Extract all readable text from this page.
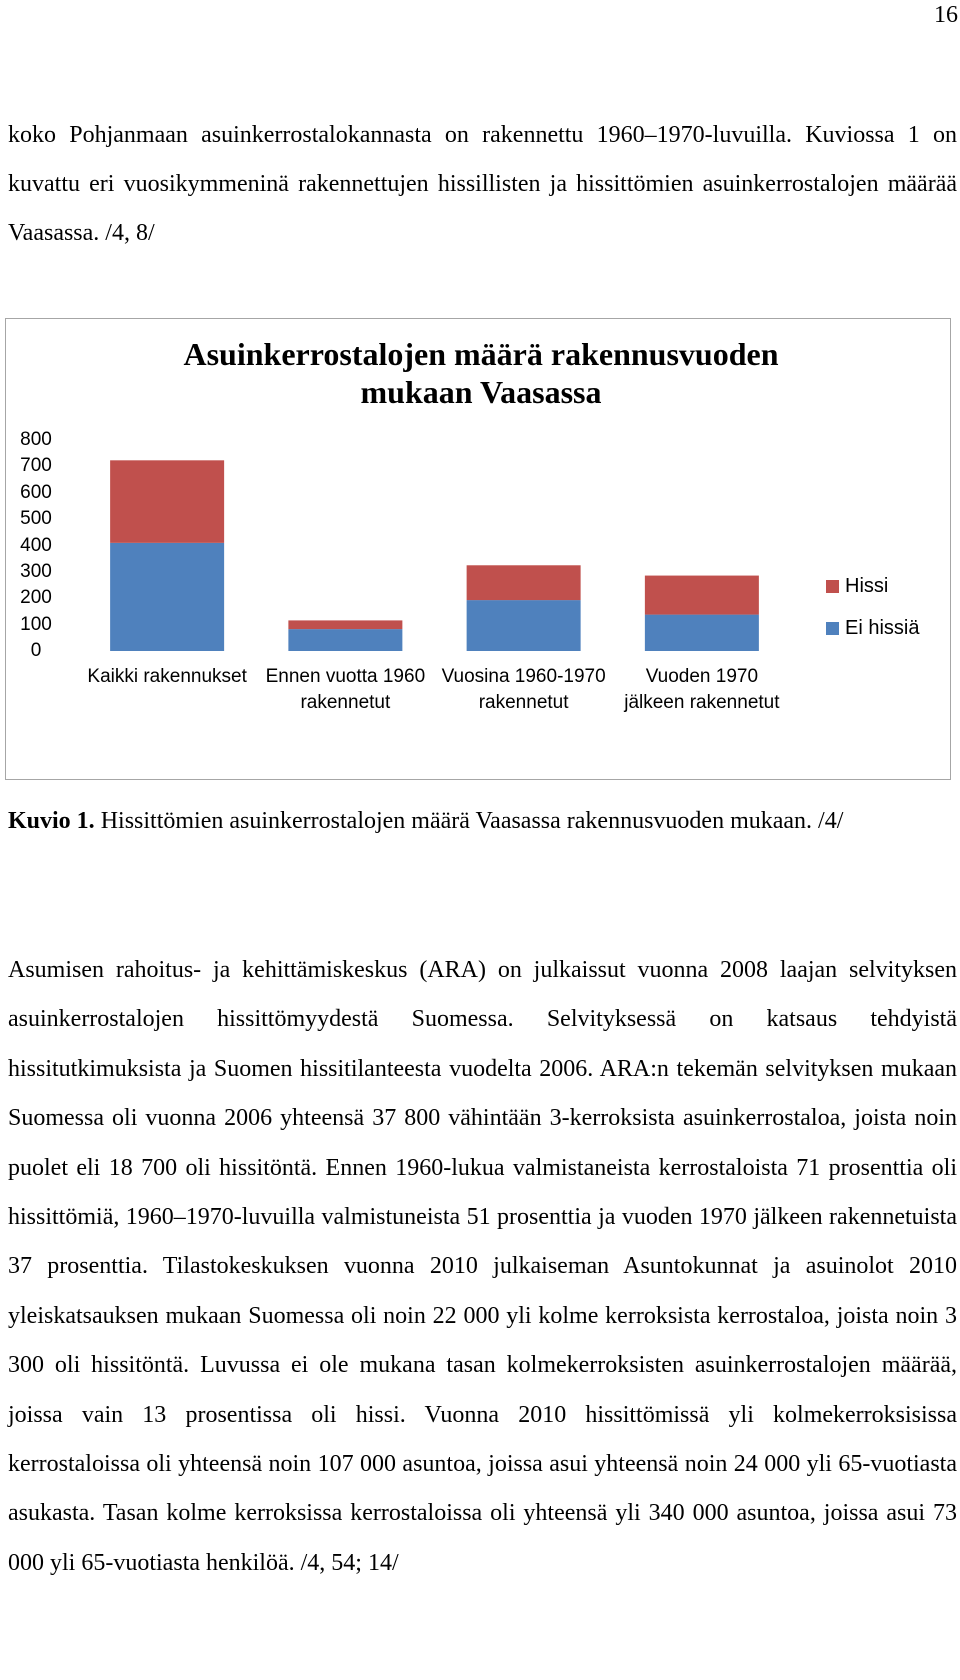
16

koko Pohjanmaan asuinkerrostalokannasta on rakennettu 1960–1970-luvuilla. Kuviossa 1 on kuvattu eri vuosikymmeninä rakennettujen hissillisten ja hissittömien asuinkerrostalojen määrää Vaasassa. /4, 8/

Asuinkerrostalojen määrä rakennusvuoden mukaan Vaasassa
800
700
600
500
400
300
200
100
0
Kaikki rakennukset Ennen vuotta 1960 rakennetut
Vuosina 1960-1970 rakennetut
Vuoden 1970 jälkeen rakennetut
Hissi
Ei hissiä

Kuvio 1. Hissittömien asuinkerrostalojen määrä Vaasassa rakennusvuoden mukaan. /4/

Asumisen rahoitus- ja kehittämiskeskus (ARA) on julkaissut vuonna 2008 laajan selvityksen asuinkerrostalojen hissittömyydestä Suomessa. Selvityksessä on katsaus tehdyistä hissitutkimuksista ja Suomen hissitilanteesta vuodelta 2006. ARA:n tekemän selvityksen mukaan Suomessa oli vuonna 2006 yhteensä 37 800 vähintään 3-kerroksista asuinkerrostaloa, joista noin puolet eli 18 700 oli hissitöntä. Ennen 1960-lukua valmistaneista kerrostaloista 71 prosenttia oli hissittömiä, 1960–1970-luvuilla valmistuneista 51 prosenttia ja vuoden 1970 jälkeen rakennetuista 37 prosenttia. Tilastokeskuksen vuonna 2010 julkaiseman Asuntokunnat ja asuinolot 2010 yleiskatsauksen mukaan Suomessa oli noin 22 000 yli kolme kerroksista kerrostaloa, joista noin 3 300 oli hissitöntä. Luvussa ei ole mukana tasan kolmekerroksisten asuinkerrostalojen määrää, joissa vain 13 prosentissa oli hissi. Vuonna 2010 hissittömissä yli kolmekerroksisissa kerrostaloissa oli yhteensä noin 107 000 asuntoa, joissa asui yhteensä noin 24 000 yli 65-vuotiasta asukasta. Tasan kolme kerroksissa kerrostaloissa oli yhteensä yli 340 000 asuntoa, joissa asui 73 000 yli 65-vuotiasta henkilöä. /4, 54; 14/
